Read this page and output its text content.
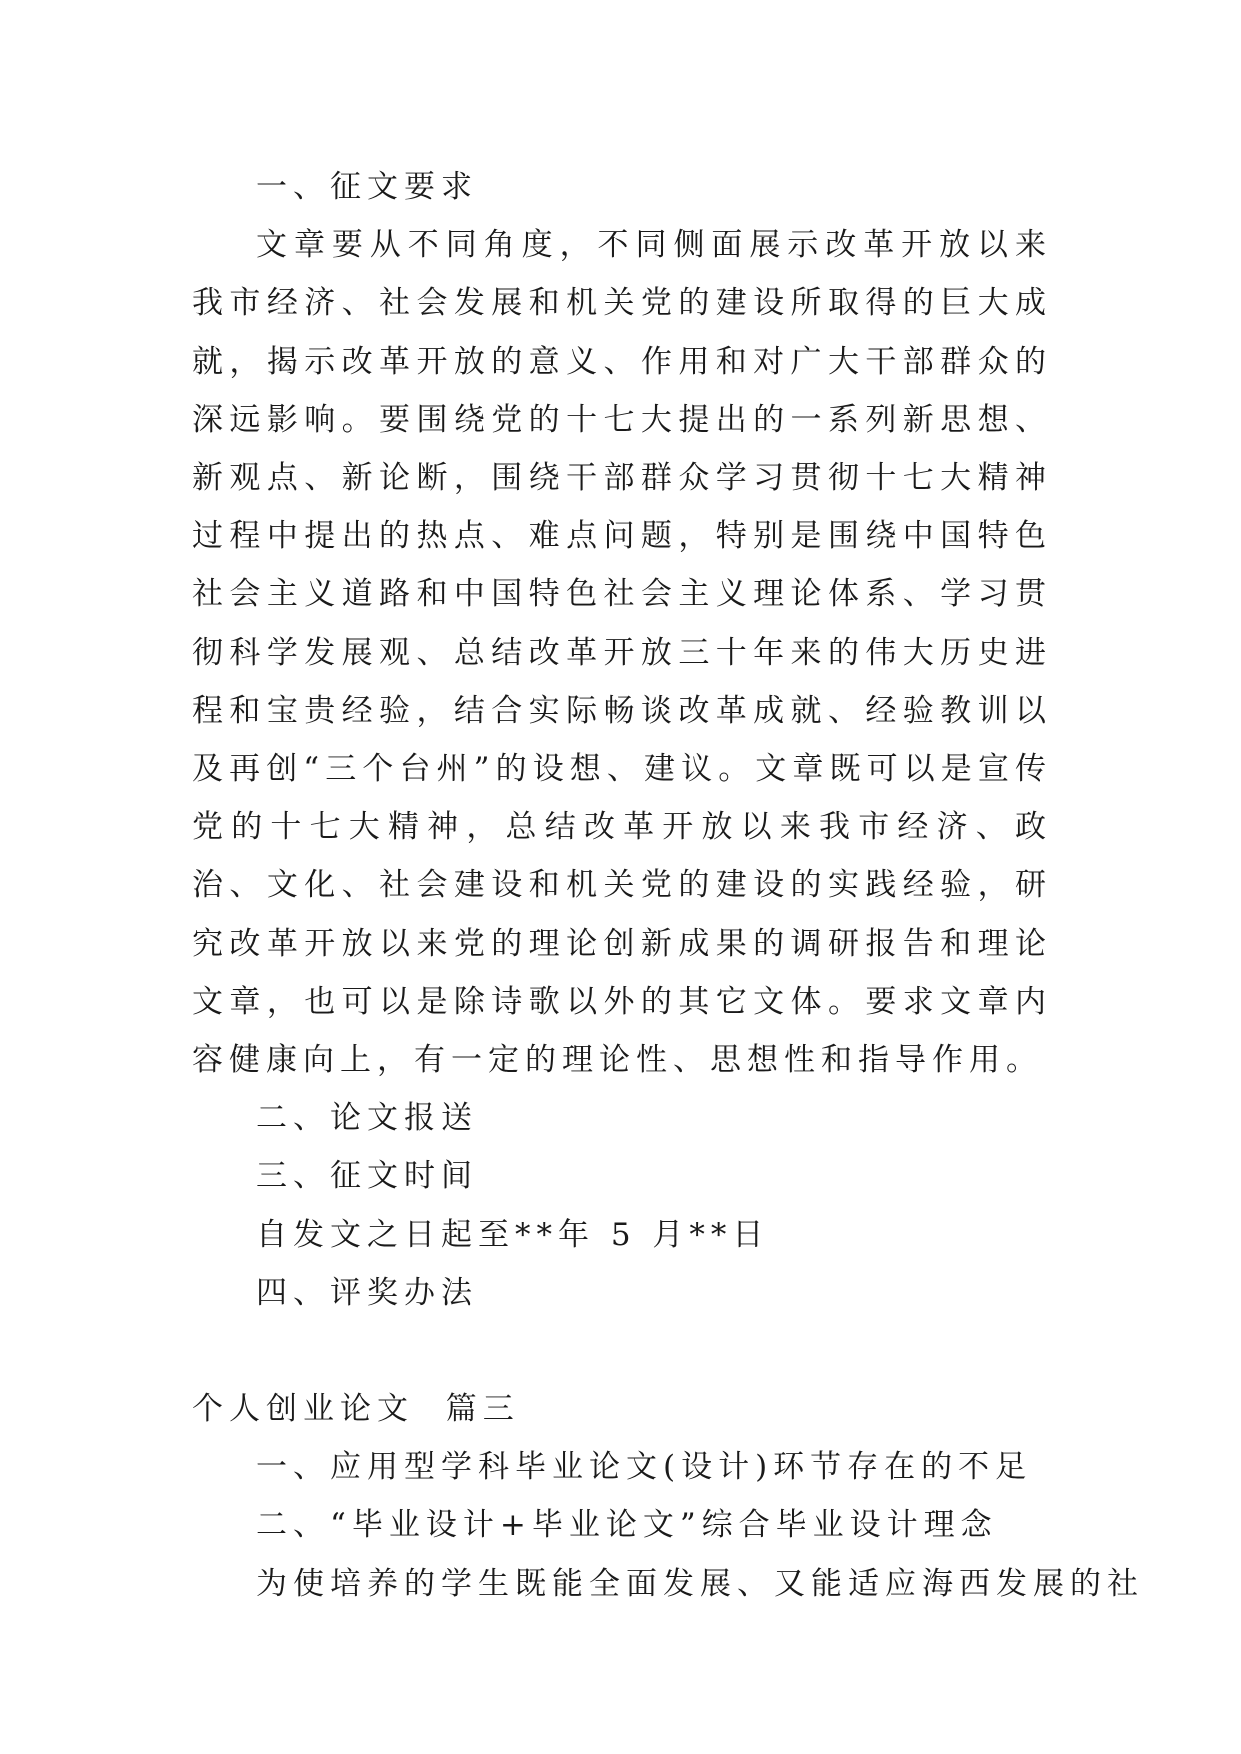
一、征文要求

文章要从不同角度，不同侧面展示改革开放以来我市经济、社会发展和机关党的建设所取得的巨大成就，揭示改革开放的意义、作用和对广大干部群众的深远影响。要围绕党的十七大提出的一系列新思想、新观点、新论断，围绕干部群众学习贯彻十七大精神过程中提出的热点、难点问题，特别是围绕中国特色社会主义道路和中国特色社会主义理论体系、学习贯彻科学发展观、总结改革开放三十年来的伟大历史进程和宝贵经验，结合实际畅谈改革成就、经验教训以及再创“三个台州”的设想、建议。文章既可以是宣传党的十七大精神，总结改革开放以来我市经济、政治、文化、社会建设和机关党的建设的实践经验，研究改革开放以来党的理论创新成果的调研报告和理论文章，也可以是除诗歌以外的其它文体。要求文章内容健康向上，有一定的理论性、思想性和指导作用。

二、论文报送
三、征文时间
自发文之日起至**年 5 月**日
四、评奖办法
个人创业论文  篇三
一、应用型学科毕业论文(设计)环节存在的不足
二、“毕业设计+毕业论文”综合毕业设计理念
为使培养的学生既能全面发展、又能适应海西发展的社
